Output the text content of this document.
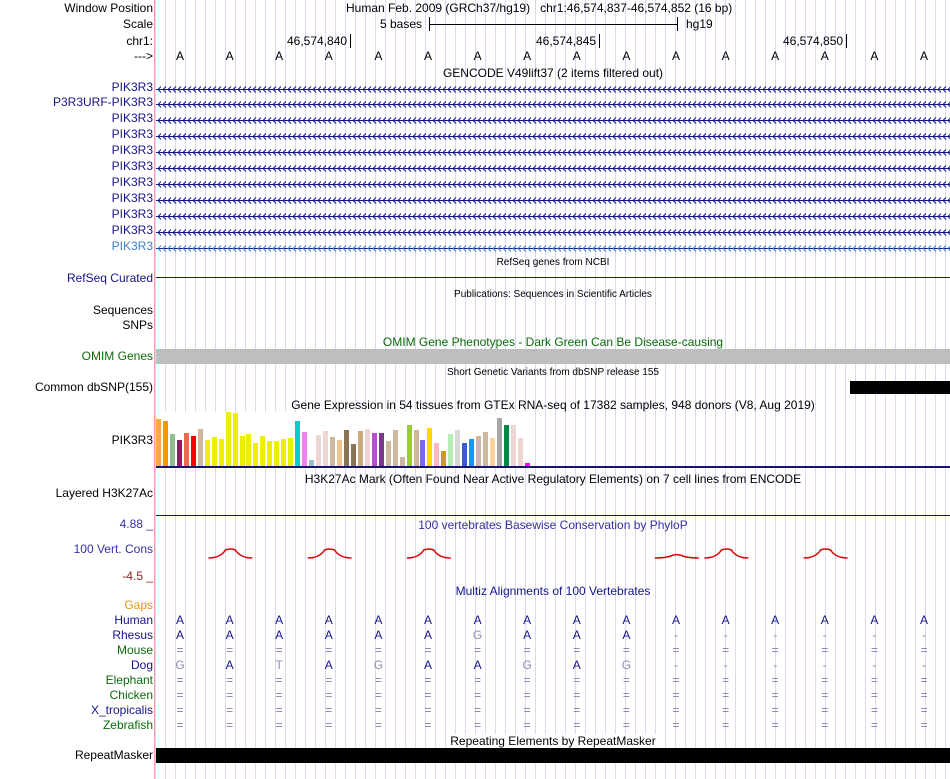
Window Position
Scale
chr1:
--->
Human Feb. 2009 (GRCh37/hg19) chr1:46,574,837-46,574,852 (16 bp)
5 bases	hg19
46,574,840	46,574,845	46,574,850
GENCODE V49lift37 (2 items filtered out)
RefSeq genes from NCBI
RefSeq Curated
Publications: Sequences in Scientific Articles
Sequences
SNPs
OMIM Gene Phenotypes - Dark Green Can Be Disease-causing
OMIM Genes
Short Genetic Variants from dbSNP release 155
Common dbSNP(155)
Gene Expression in 54 tissues from GTEx RNA-seq of 17382 samples, 948 donors (V8, Aug 2019)
PIK3R3
H3K27Ac Mark (Often Found Near Active Regulatory Elements) on 7 cell lines from ENCODE
Layered H3K27Ac
4.88 _	100 vertebrates Basewise Conservation by PhyloP
100 Vert. Cons
-4.5 _
Multiz Alignments of 100 Vertebrates
Gaps
RepeatMasker
Repeating Elements by RepeatMasker
A	A	A	A	A	A	A	A	A	A	A	A	A	A	A	A
PIK3R3
P3R3URF-PIK3R3
PIK3R3
PIK3R3
PIK3R3
PIK3R3
PIK3R3
PIK3R3
PIK3R3
PIK3R3
PIK3R3
Human	A	A	A	A	A	A	A	A	A	A	A	A	A	A	A	A
Rhesus	A	A	A	A	A	A	G	A	A	A	-	-	-	-	-	-
Mouse	=	=	=	=	=	=	=	=	=	=	=	=	=	=	=	=
Dog	G	A	T	A	G	A	A	G	A	G	-	-	-	-	-	-
Elephant	=	=	=	=	=	=	=	=	=	=	=	=	=	=	=	=
Chicken	=	=	=	=	=	=	=	=	=	=	=	=	=	=	=	=
X_tropicalis	=	=	=	=	=	=	=	=	=	=	=	=	=	=	=	=
Zebrafish	=	=	=	=	=	=	=	=	=	=	=	=	=	=	=	=
